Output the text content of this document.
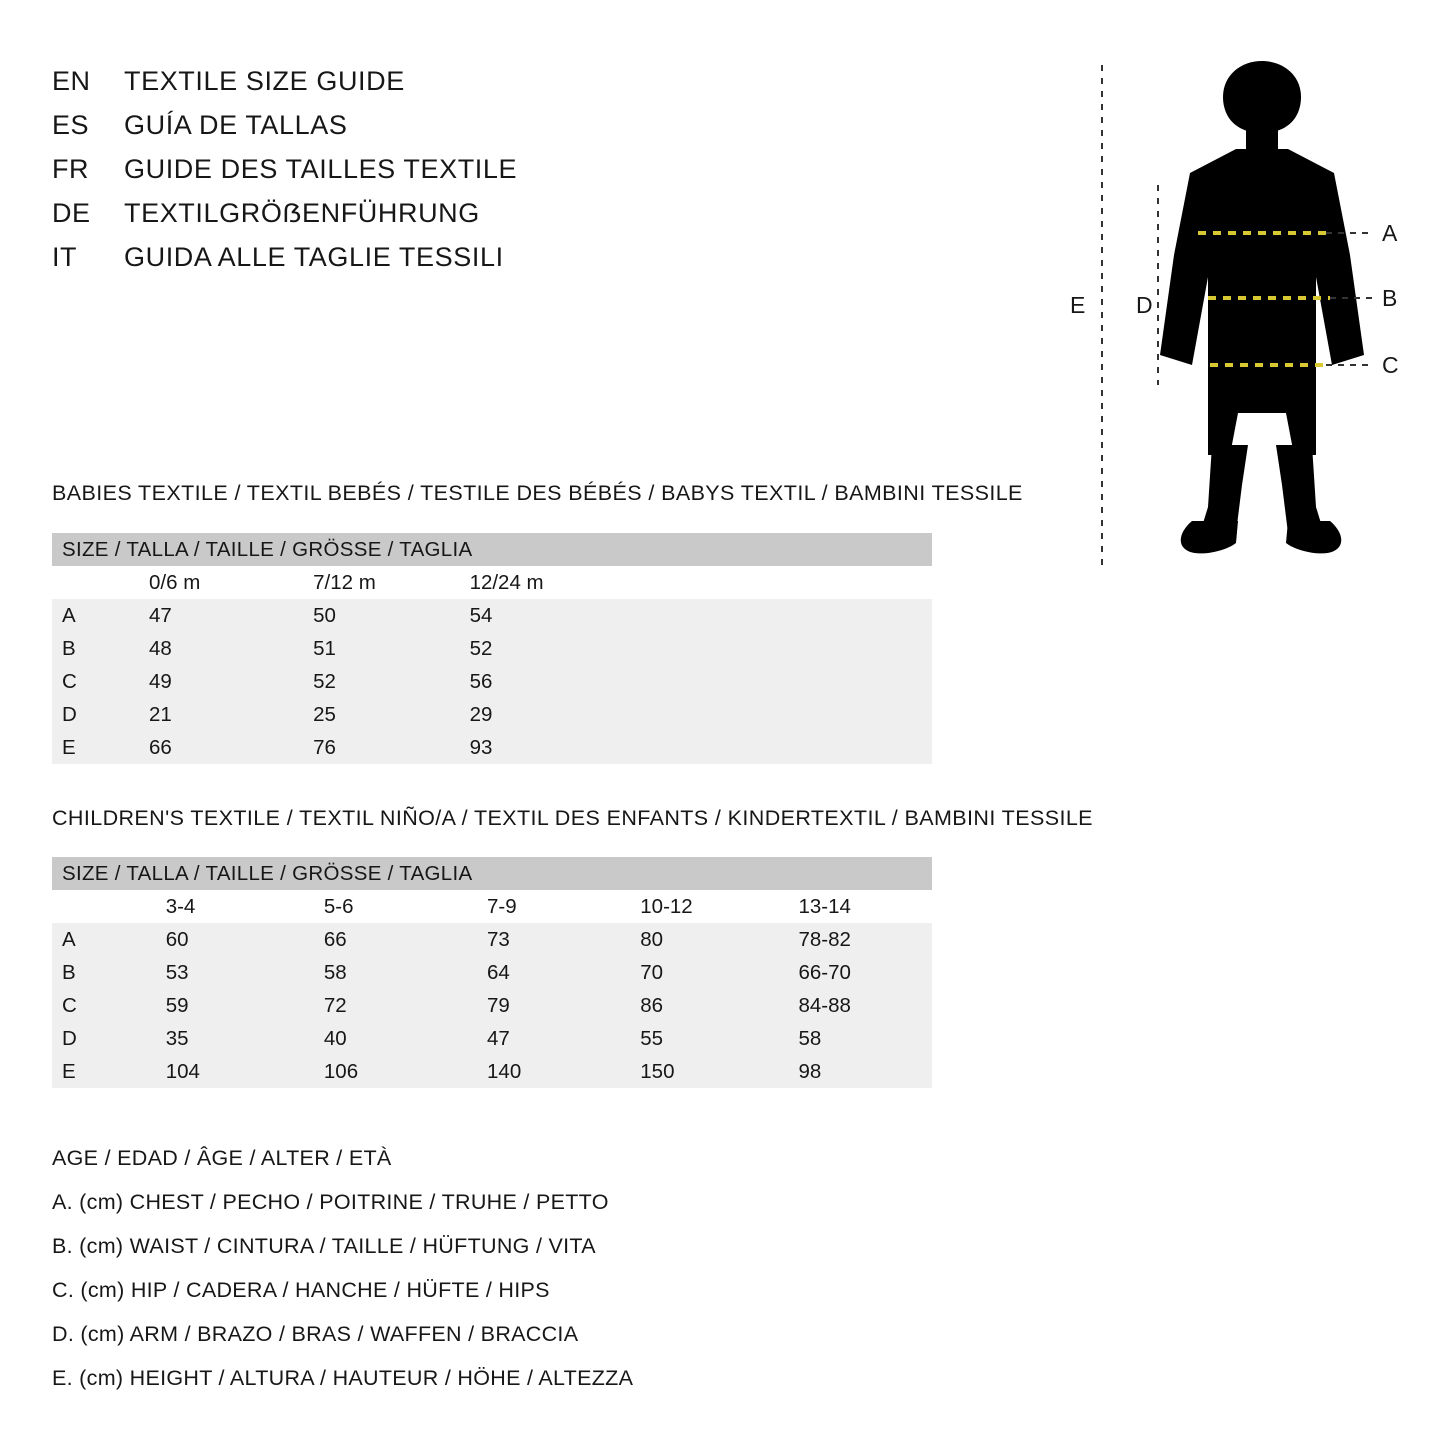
EN	TEXTILE SIZE GUIDE
ES	GUÍA DE TALLAS
FR	GUIDE DES TAILLES TEXTILE
DE	TEXTILGRÖẞENFÜHRUNG
IT	GUIDA ALLE TAGLIE TESSILI
A
B
C
D
E
BABIES TEXTILE / TEXTIL BEBÉS / TESTILE DES BÉBÉS / BABYS TEXTIL / BAMBINI TESSILE
SIZE / TALLA / TAILLE / GRÖSSE / TAGLIA			
	0/6 m	7/12 m	12/24 m
A	47	50	54
B	48	51	52
C	49	52	56
D	21	25	29
E	66	76	93
CHILDREN'S TEXTILE / TEXTIL NIÑO/A / TEXTIL DES ENFANTS / KINDERTEXTIL / BAMBINI TESSILE
SIZE / TALLA / TAILLE / GRÖSSE / TAGLIA					
	3-4	5-6	7-9	10-12	13-14
A	60	66	73	80	78-82
B	53	58	64	70	66-70
C	59	72	79	86	84-88
D	35	40	47	55	58
E	104	106	140	150	98
AGE / EDAD / ÂGE / ALTER / ETÀ
A. (cm) CHEST / PECHO / POITRINE / TRUHE / PETTO
B. (cm) WAIST / CINTURA / TAILLE / HÜFTUNG / VITA
C. (cm) HIP / CADERA / HANCHE / HÜFTE / HIPS
D. (cm) ARM / BRAZO / BRAS / WAFFEN / BRACCIA
E. (cm) HEIGHT / ALTURA / HAUTEUR / HÖHE / ALTEZZA
